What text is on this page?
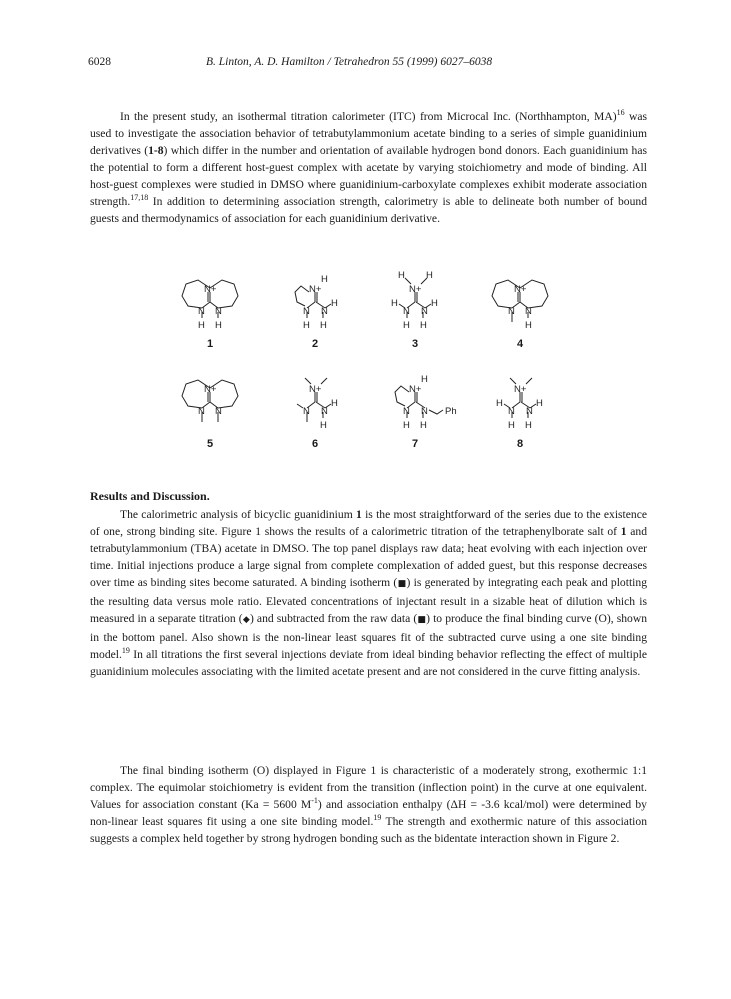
6028	B. Linton, A. D. Hamilton / Tetrahedron 55 (1999) 6027–6038

In the present study, an isothermal titration calorimeter (ITC) from Microcal Inc. (Northhampton, MA)$^{16}$ was used to investigate the association behavior of tetrabutylammonium acetate binding to a series of simple guanidinium derivatives (1-8) which differ in the number and orientation of available hydrogen bond donors. Each guanidinium has the potential to form a different host-guest complex with acetate by varying stoichiometry and mode of binding. All host-guest complexes were studied in DMSO where guanidinium-carboxylate complexes exhibit moderate association strength.$^{17,18}$ In addition to determining association strength, calorimetry is able to delineate both number of bound guests and thermodynamics of association for each guanidinium derivative.

N+
N N
H H
1
N+
H
N N
H
H H
2
H H
N+
H
N N
H
H H
3
N+
N N
H
4
N+
N N
5
N+
N N
H
H
6
N+
H
N N Ph
H H
7
N+
H
N N
H
H H
8
Results and Discussion.

The calorimetric analysis of bicyclic guanidinium 1 is the most straightforward of the series due to the existence of one, strong binding site. Figure 1 shows the results of a calorimetric titration of the tetraphenylborate salt of 1 and tetrabutylammonium (TBA) acetate in DMSO. The top panel displays raw data; heat evolving with each injection over time. Initial injections produce a large signal from complete complexation of added guest, but this response decreases over time as binding sites become saturated. A binding isotherm (■) is generated by integrating each peak and plotting the resulting data versus mole ratio. Elevated concentrations of injectant result in a sizable heat of dilution which is measured in a separate titration (◆) and subtracted from the raw data (■) to produce the final binding curve (O), shown in the bottom panel. Also shown is the non-linear least squares fit of the subtracted curve using a one site binding model.$^{19}$ In all titrations the first several injections deviate from ideal binding behavior reflecting the effect of multiple guanidinium molecules associating with the limited acetate present and are not considered in the curve fitting analysis.

The final binding isotherm (O) displayed in Figure 1 is characteristic of a moderately strong, exothermic 1:1 complex. The equimolar stoichiometry is evident from the transition (inflection point) in the curve at one equivalent. Values for association constant (Ka = 5600 $M^{-1}$) and association enthalpy (ΔH = -3.6 kcal/mol) were determined by non-linear least squares fit using a one site binding model.$^{19}$ The strength and exothermic nature of this association suggests a complex held together by strong hydrogen bonding such as the bidentate interaction shown in Figure 2.
